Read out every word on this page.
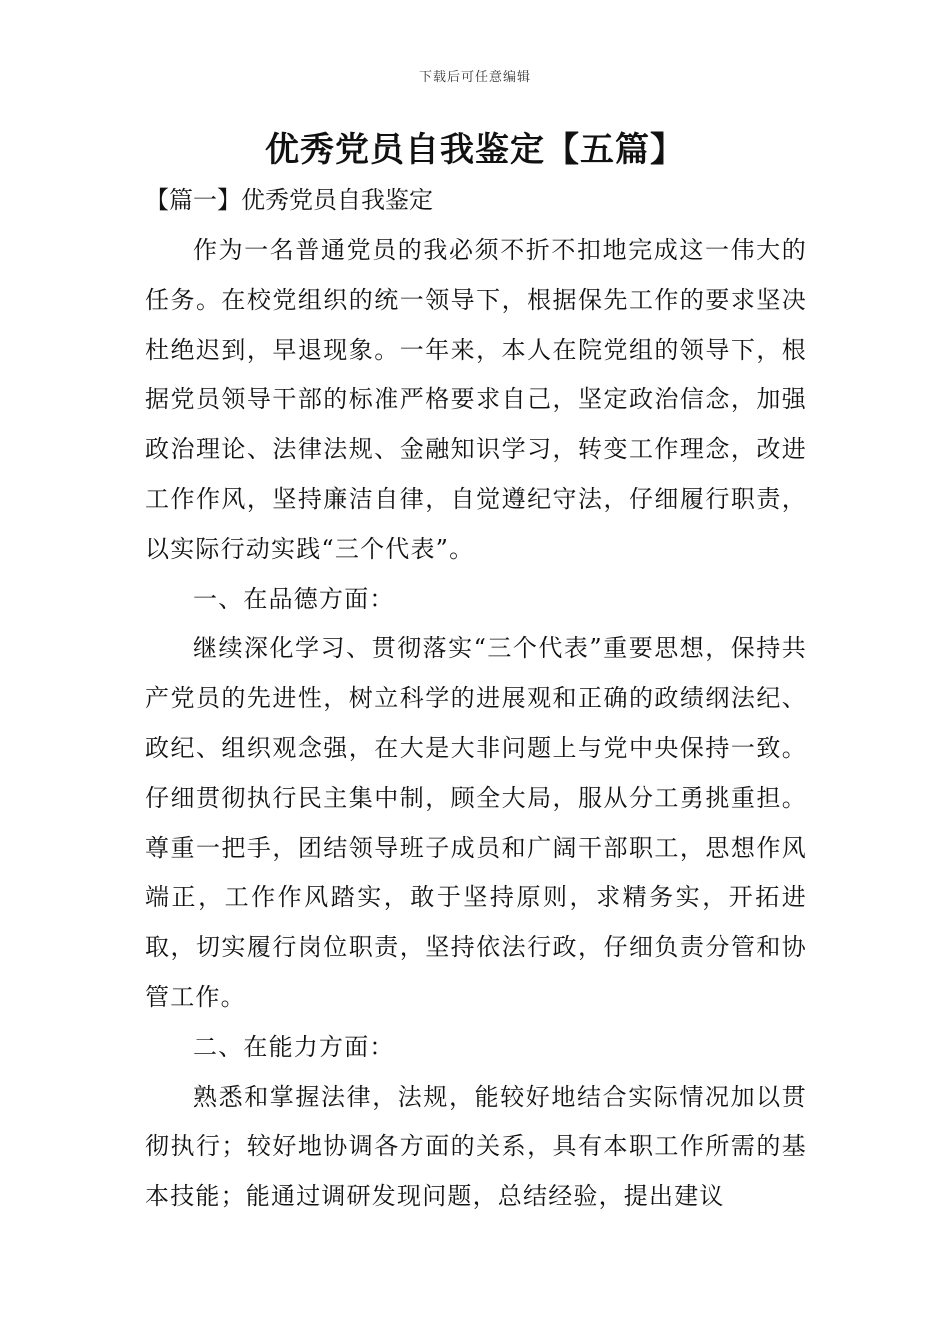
下载后可任意编辑
优秀党员自我鉴定【五篇】
【篇一】优秀党员自我鉴定

作为一名普通党员的我必须不折不扣地完成这一伟大的任务。在校党组织的统一领导下，根据保先工作的要求坚决杜绝迟到，早退现象。一年来，本人在院党组的领导下，根据党员领导干部的标准严格要求自己，坚定政治信念，加强政治理论、法律法规、金融知识学习，转变工作理念，改进工作作风，坚持廉洁自律，自觉遵纪守法，仔细履行职责，以实际行动实践“三个代表”。

一、在品德方面：

继续深化学习、贯彻落实“三个代表”重要思想，保持共产党员的先进性，树立科学的进展观和正确的政绩纲法纪、政纪、组织观念强，在大是大非问题上与党中央保持一致。仔细贯彻执行民主集中制，顾全大局，服从分工勇挑重担。尊重一把手，团结领导班子成员和广阔干部职工，思想作风端正，工作作风踏实，敢于坚持原则，求精务实，开拓进取，切实履行岗位职责，坚持依法行政，仔细负责分管和协管工作。

二、在能力方面：

熟悉和掌握法律，法规，能较好地结合实际情况加以贯彻执行；较好地协调各方面的关系，具有本职工作所需的基本技能；能通过调研发现问题，总结经验，提出建议
